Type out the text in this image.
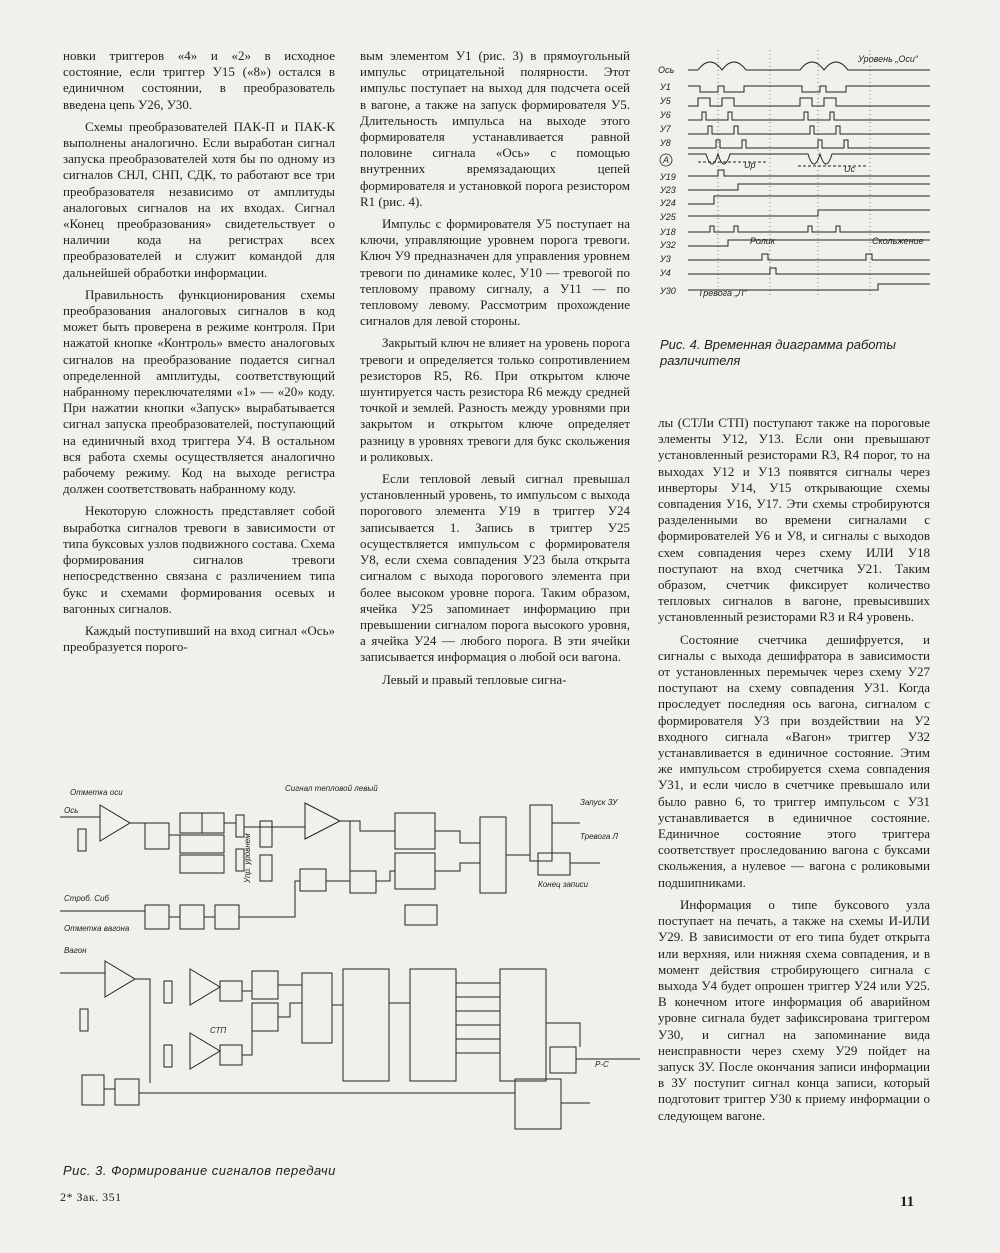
новки триггеров «4» и «2» в исходное состояние, если триггер У15 («8») остался в единичном состоянии, в преобразователь введена цепь У26, У30.

Схемы преобразователей ПАК-П и ПАК-К выполнены аналогично. Если выработан сигнал запуска преобразователей хотя бы по одному из сигналов СНЛ, СНП, СДК, то работают все три преобразователя независимо от амплитуды аналоговых сигналов на их входах. Сигнал «Конец преобразования» свидетельствует о наличии кода на регистрах всех преобразователей и служит командой для дальнейшей обработки информации.

Правильность функционирования схемы преобразования аналоговых сигналов в код может быть проверена в режиме контроля. При нажатой кнопке «Контроль» вместо аналоговых сигналов на преобразование подается сигнал определенной амплитуды, соответствующий набранному переключателями «1» — «20» коду. При нажатии кнопки «Запуск» вырабатывается сигнал запуска преобразователей, поступающий на единичный вход триггера У4. В остальном вся работа схемы осуществляется аналогично рабочему режиму. Код на выходе регистра должен соответствовать набранному коду.

Некоторую сложность представляет собой выработка сигналов тревоги в зависимости от типа буксовых узлов подвижного состава. Схема формирования сигналов тревоги непосредственно связана с различением типа букс и схемами формирования осевых и вагонных сигналов.

Каждый поступивший на вход сигнал «Ось» преобразуется порого-

вым элементом У1 (рис. 3) в прямоугольный импульс отрицательной полярности. Этот импульс поступает на выход для подсчета осей в вагоне, а также на запуск формирователя У5. Длительность импульса на выходе этого формирователя устанавливается равной половине сигнала «Ось» с помощью внутренних времязадающих цепей формирователя и установкой порога резистором R1 (рис. 4).

Импульс с формирователя У5 поступает на ключи, управляющие уровнем порога тревоги. Ключ У9 предназначен для управления уровнем тревоги по динамике колес, У10 — тревогой по тепловому правому сигналу, а У11 — по тепловому левому. Рассмотрим прохождение сигналов для левой стороны.

Закрытый ключ не влияет на уровень порога тревоги и определяется только сопротивлением резисторов R5, R6. При открытом ключе шунтируется часть резистора R6 между средней точкой и землей. Разность между уровнями при закрытом и открытом ключе определяет разницу в уровнях тревоги для букс скольжения и роликовых.

Если тепловой левый сигнал превышал установленный уровень, то импульсом с выхода порогового элемента У19 в триггер У24 записывается 1. Запись в триггер У25 осуществляется импульсом с формирователя У8, если схема совпадения У23 была открыта сигналом с выхода порогового элемента при более высоком уровне порога. Таким образом, ячейка У25 запоминает информацию при превышении сигналом порога высокого уровня, а ячейка У24 — любого порога. В эти ячейки записывается информация о любой оси вагона.

Левый и правый тепловые сигна-

лы (СТЛи СТП) поступают также на пороговые элементы У12, У13. Если они превышают установленный резисторами R3, R4 порог, то на выходах У12 и У13 появятся сигналы через инверторы У14, У15 открывающие схемы совпадения У16, У17. Эти схемы стробируются разделенными во времени сигналами с формирователей У6 и У8, и сигналы с выходов схем совпадения через схему ИЛИ У18 поступают на вход счетчика У21. Таким образом, счетчик фиксирует количество тепловых сигналов в вагоне, превысивших установленный резисторами R3 и R4 уровень.

Состояние счетчика дешифруется, и сигналы с выхода дешифратора в зависимости от установленных перемычек через схему У27 поступают на схему совпадения У31. Когда проследует последняя ось вагона, сигналом с формирователя У3 при воздействии на У2 входного сигнала «Вагон» триггер У32 устанавливается в единичное состояние. Этим же импульсом стробируется схема совпадения У31, и если число в счетчике превышало или было равно 6, то триггер импульсом с У31 устанавливается в единичное состояние. Единичное состояние этого триггера соответствует проследованию вагона с буксами скольжения, а нулевое — вагона с роликовыми подшипниками.

Информация о типе буксового узла поступает на печать, а также на схемы И-ИЛИ У29. В зависимости от его типа будет открыта или верхняя, или нижняя схема совпадения, и в момент действия стробирующего сигнала с выхода У4 будет опрошен триггер У24 или У25. В конечном итоге информация об аварийном уровне сигнала будет зафиксирована триггером У30, и сигнал на запоминание вида неисправности через схему У29 пойдет на запуск ЗУ. После окончания записи информации в ЗУ поступит сигнал конца записи, который подготовит триггер У30 к приему информации о следующем вагоне.

Ось
У1
У5
У6
У7
У8
А
У19
У23
У24
У25
У18
У32
У3
У4
У30
Уровень „Оси“
Uр	Uс
Ролик	Скольжение
Тревога „Л“
Рис. 4. Временная диаграмма работы различителя
Отметка оси
Ось
Сигнал тепловой левый
Строб. Сиб
Отметка вагона
Вагон
СТП
Запуск ЗУ
Тревога Л
Конец записи
Р-С
Упр. уровнем
Рис. 3. Формирование сигналов передачи
2* Зак. 351	11
